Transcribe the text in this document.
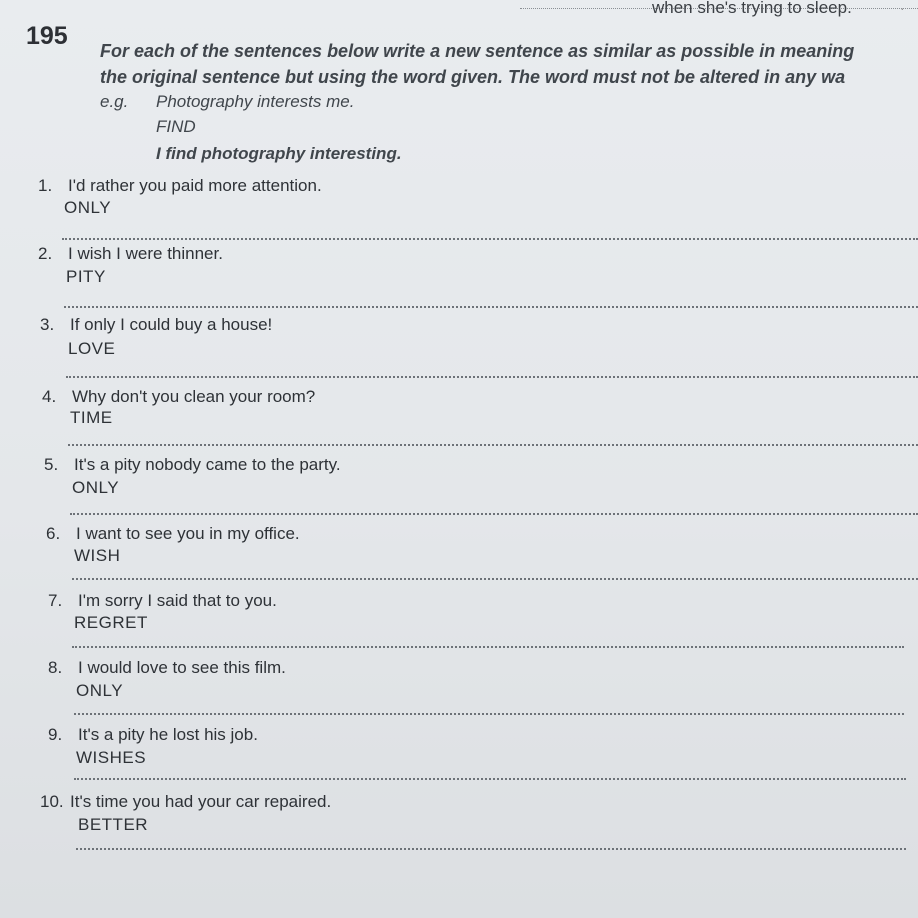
when she's trying to sleep.	·
195
For each of the sentences below write a new sentence as similar as possible in meaning
the original sentence but using the word given. The word must not be altered in any wa
e.g. Photography interests me.
FIND
I find photography interesting.
1. I'd rather you paid more attention.
ONLY
2. I wish I were thinner.
PITY
3. If only I could buy a house!
LOVE
4. Why don't you clean your room?
TIME
5. It's a pity nobody came to the party.
ONLY
6. I want to see you in my office.
WISH
7. I'm sorry I said that to you.
REGRET
8. I would love to see this film.
ONLY
9. It's a pity he lost his job.
WISHES
10. It's time you had your car repaired.
BETTER
